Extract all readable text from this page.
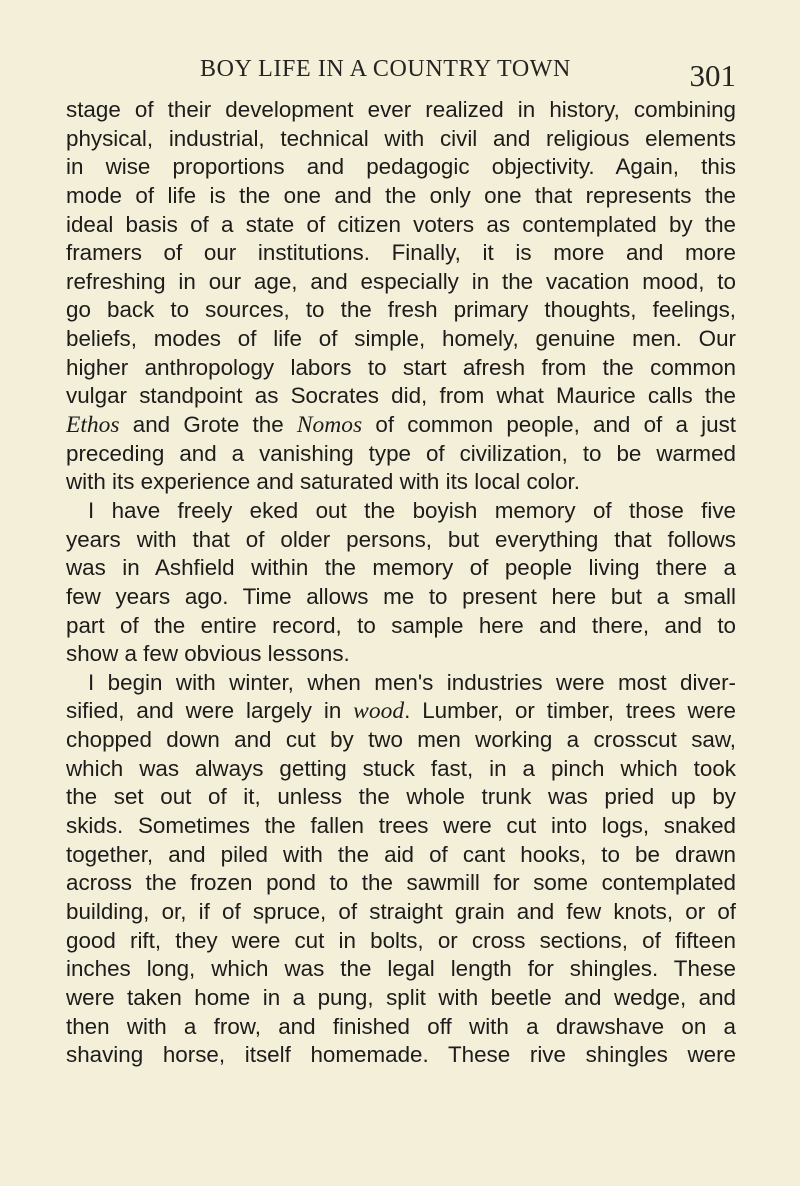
BOY LIFE IN A COUNTRY TOWN	301
stage of their development ever realized in history, combining
physical, industrial, technical with civil and religious elements
in wise proportions and pedagogic objectivity. Again, this
mode of life is the one and the only one that represents the
ideal basis of a state of citizen voters as contemplated by the
framers of our institutions. Finally, it is more and more
refreshing in our age, and especially in the vacation mood, to
go back to sources, to the fresh primary thoughts, feelings,
beliefs, modes of life of simple, homely, genuine men. Our
higher anthropology labors to start afresh from the common
vulgar standpoint as Socrates did, from what Maurice calls the
Ethos and Grote the Nomos of common people, and of a just
preceding and a vanishing type of civilization, to be warmed
with its experience and saturated with its local color.
I have freely eked out the boyish memory of those five
years with that of older persons, but everything that follows
was in Ashfield within the memory of people living there a
few years ago. Time allows me to present here but a small
part of the entire record, to sample here and there, and to
show a few obvious lessons.
I begin with winter, when men's industries were most diver-
sified, and were largely in wood. Lumber, or timber, trees were
chopped down and cut by two men working a crosscut saw,
which was always getting stuck fast, in a pinch which took
the set out of it, unless the whole trunk was pried up by
skids. Sometimes the fallen trees were cut into logs, snaked
together, and piled with the aid of cant hooks, to be drawn
across the frozen pond to the sawmill for some contemplated
building, or, if of spruce, of straight grain and few knots, or of
good rift, they were cut in bolts, or cross sections, of fifteen
inches long, which was the legal length for shingles. These
were taken home in a pung, split with beetle and wedge, and
then with a frow, and finished off with a drawshave on a
shaving horse, itself homemade. These rive shingles were
